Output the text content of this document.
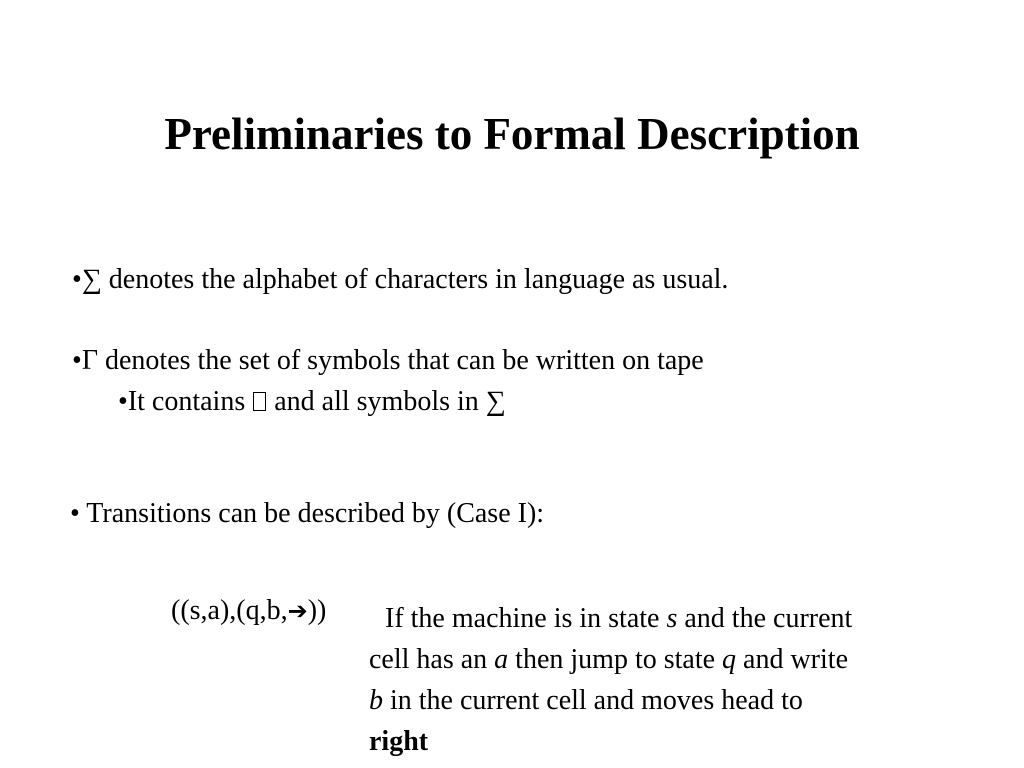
Preliminaries to Formal Description
•∑ denotes the alphabet of characters in language as usual.
•Γ denotes the set of symbols that can be written on tape
•It contains  and all symbols in ∑
• Transitions can be described by (Case I):
((s,a),(q,b,➔))	If the machine is in state s and the current
cell has an a then jump to state q and write
b in the current cell and moves head to
right
